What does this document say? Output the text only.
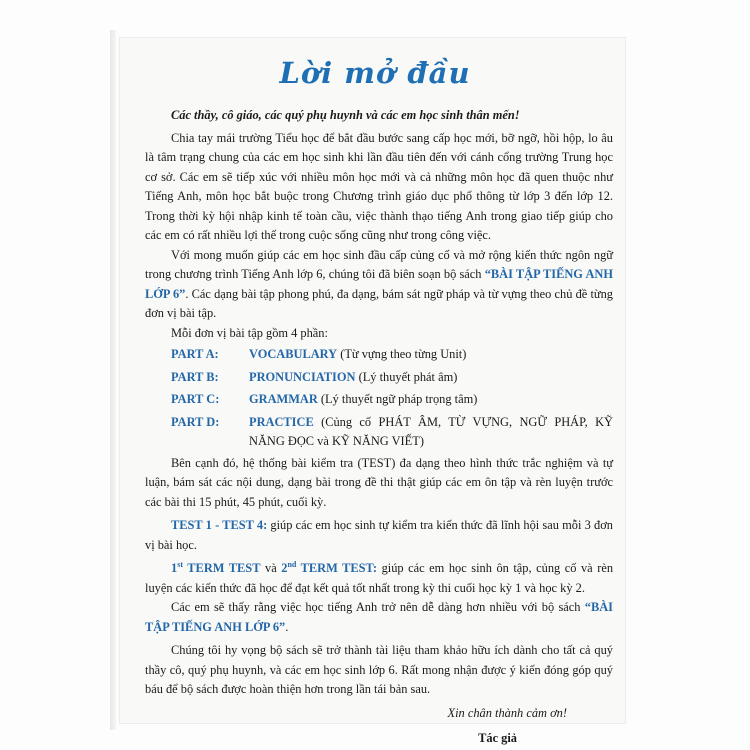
Lời mở đầu

Các thầy, cô giáo, các quý phụ huynh và các em học sinh thân mến!

Chia tay mái trường Tiểu học để bắt đầu bước sang cấp học mới, bỡ ngỡ, hồi hộp, lo âu là tâm trạng chung của các em học sinh khi lần đầu tiên đến với cánh cổng trường Trung học cơ sở. Các em sẽ tiếp xúc với nhiều môn học mới và cả những môn học đã quen thuộc như Tiếng Anh, môn học bắt buộc trong Chương trình giáo dục phổ thông từ lớp 3 đến lớp 12. Trong thời kỳ hội nhập kinh tế toàn cầu, việc thành thạo tiếng Anh trong giao tiếp giúp cho các em có rất nhiều lợi thế trong cuộc sống cũng như trong công việc.

Với mong muốn giúp các em học sinh đầu cấp củng cố và mở rộng kiến thức ngôn ngữ trong chương trình Tiếng Anh lớp 6, chúng tôi đã biên soạn bộ sách “BÀI TẬP TIẾNG ANH LỚP 6”. Các dạng bài tập phong phú, đa dạng, bám sát ngữ pháp và từ vựng theo chủ đề từng đơn vị bài tập.

Mỗi đơn vị bài tập gồm 4 phần:

PART A:	VOCABULARY (Từ vựng theo từng Unit)
PART B:	PRONUNCIATION (Lý thuyết phát âm)
PART C:	GRAMMAR (Lý thuyết ngữ pháp trọng tâm)
PART D:	PRACTICE (Củng cố PHÁT ÂM, TỪ VỰNG, NGỮ PHÁP, KỸ NĂNG ĐỌC và KỸ NĂNG VIẾT)

Bên cạnh đó, hệ thống bài kiểm tra (TEST) đa dạng theo hình thức trắc nghiệm và tự luận, bám sát các nội dung, dạng bài trong đề thi thật giúp các em ôn tập và rèn luyện trước các bài thi 15 phút, 45 phút, cuối kỳ.

TEST 1 - TEST 4: giúp các em học sinh tự kiểm tra kiến thức đã lĩnh hội sau mỗi 3 đơn vị bài học.

1st TERM TEST và 2nd TERM TEST: giúp các em học sinh ôn tập, củng cố và rèn luyện các kiến thức đã học để đạt kết quả tốt nhất trong kỳ thi cuối học kỳ 1 và học kỳ 2.

Các em sẽ thấy rằng việc học tiếng Anh trở nên dễ dàng hơn nhiều với bộ sách “BÀI TẬP TIẾNG ANH LỚP 6”.

Chúng tôi hy vọng bộ sách sẽ trở thành tài liệu tham khảo hữu ích dành cho tất cả quý thầy cô, quý phụ huynh, và các em học sinh lớp 6. Rất mong nhận được ý kiến đóng góp quý báu để bộ sách được hoàn thiện hơn trong lần tái bản sau.

Xin chân thành cảm ơn!

Tác giả
